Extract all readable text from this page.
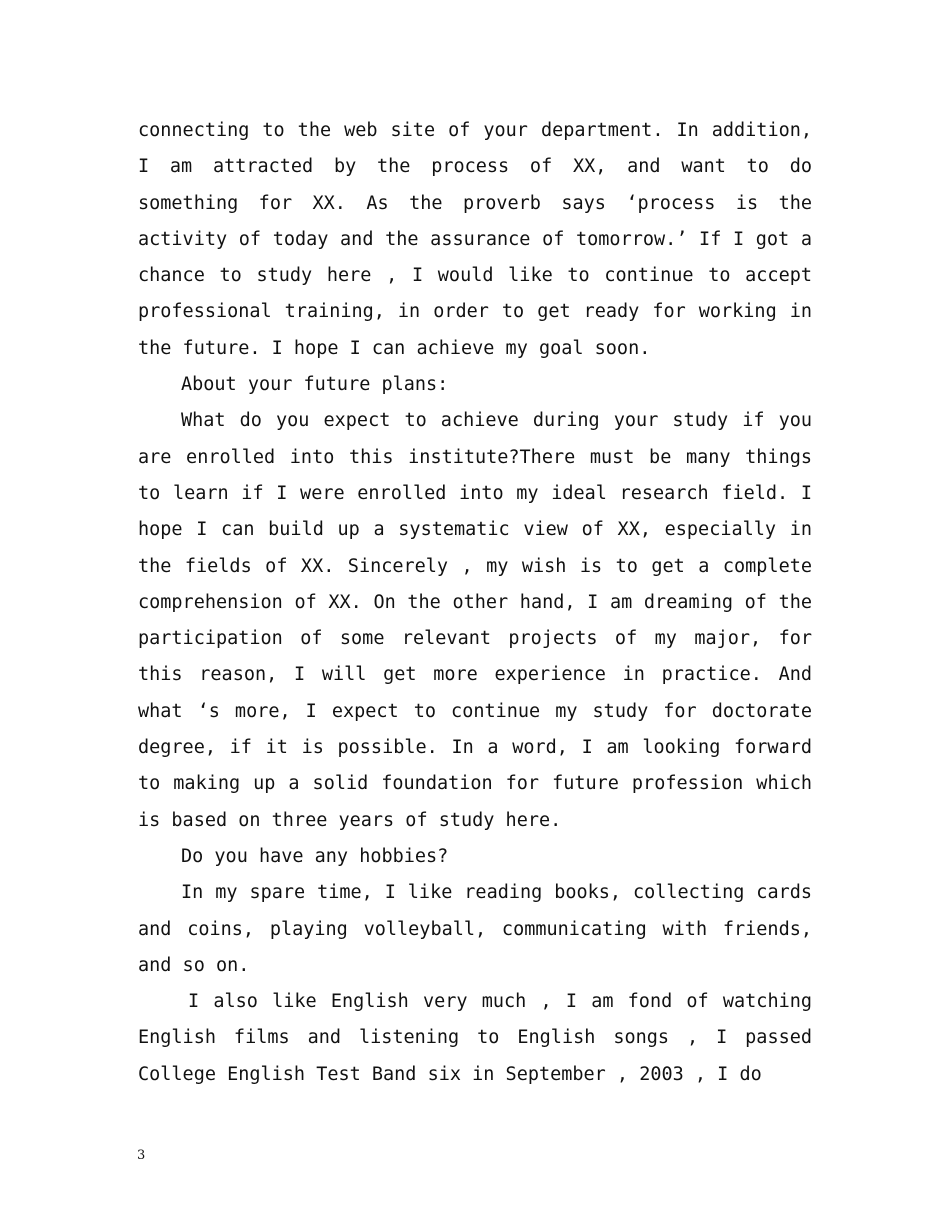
connecting to the web site of your department. In addition, I am attracted by the process of XX, and want to do something for XX. As the proverb says ‘process is the activity of today and the assurance of tomorrow.’ If I got a chance to study here , I would like to continue to accept professional training, in order to get ready for working in the future. I hope I can achieve my goal soon.

About your future plans:

What do you expect to achieve during your study if you are enrolled into this institute?There must be many things to learn if I were enrolled into my ideal research field. I hope I can build up a systematic view of XX, especially in the fields of XX. Sincerely , my wish is to get a complete comprehension of XX. On the other hand, I am dreaming of the participation of some relevant projects of my major, for this reason, I will get more experience in practice. And what ‘s more, I expect to continue my study for doctorate degree, if it is possible. In a word, I am looking forward to making up a solid foundation for future profession which is based on three years of study here.

Do you have any hobbies?

In my spare time, I like reading books, collecting cards and coins, playing volleyball, communicating with friends, and so on.

I also like English very much , I am fond of watching English films and listening to English songs , I passed College English Test Band six in September , 2003 , I do

3
